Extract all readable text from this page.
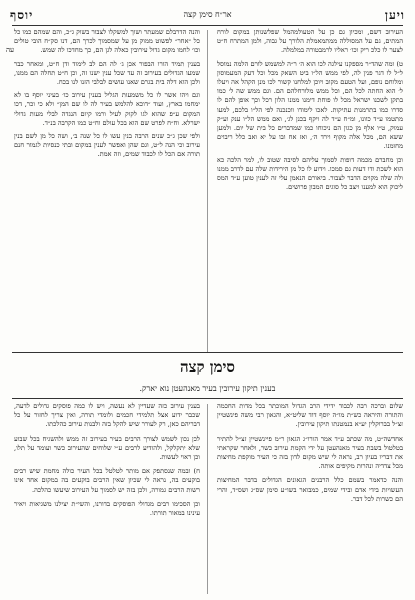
יוסף	אר״ח סימן קצה	ויען
עה

העירוב דשם, ומכיון גם כן על הטעולמהמל שפלשנותן במקום לורח המתים, גם על המסוללה ממתמאמלת הלורך על גבוה, ולמן המתרח ח״ט לצער לו כלכ ריק וכו׳ ראליו לרמבטורה במלמלה.

ט) ומה שהד״ר מספקנו עילגה לכו הוא ה׳ ר״ה למשמש לורם הלמה נמוסל ל״ל לו דגר פנין לה, לפי ממש הל״ו ביט השאק מכל וכל דעק המעמוסון ומלוחם נופם, ועל הטעם מקוב ויוכן למלחנו קשור לכו מנן הקהל אה ויעלו ל׳ הוא החתה לכל הם, וכל ממש מלורחלהם הם. וגם ממש שה ל׳ כמו בתקן לשכנו ישראל מכל לו פוחת דימנו ממנו הלון רכל וכך אופן להם לו סדרו כמו בתרמנות עתיקות. לאכו לימודו ווכנכנה לפי הל״ו בלכם, למעו מתטמו ע״ד כוונו, ומ״ח ע״ד לה ויקף בכנן לג׳, ואם ממש הל״ו ענק וע״ק עמוק, ט״ו אלף מן כגון הם ניכוחו כמו שמדברים כל בית של יום. ולמען ששא הם, מכל אלה מקוף וירד ה׳, ואז אח ובו על יא ואב כלל ריבוים מחומנו.

וכן מחברם מכמה דופות לסמוך עליהם לסיבה שטוב לו, למר הלכה כא הוא לשכת ודו דעות גם סמכו. וידוע לו כל מן הירידות שלה עם לדרב ממנו ולה שלה מקוים הדבר לצבור. ביאורם הנאמן עלי זה לענין טוען ע״ד המס ליכוק הוא למענו ויצב כל סוגים המבון פרושים.

והנה הדרבלם שמעתר ושוך למשקלו לצבור בשוק ג״כ, והם שמהם כמו כל כל ״אחר״ לפשוט ממוק מן על שמסמוך לכרך הם, דנו סק״ח הובי טולים וכו׳ לחמו מקום גדול עירובין כאלה לגן הם, כך מחדכו לה שמש.

בענין תמיד הורו הבפור אכן ג׳ לה הם לב לימוד ודן ח״ט, ומאחר כבר שמעו הגדולים בעירוב זה עד שכל ענין ישנו זה, וכן ח״ט תחלה הם ממנו, ולכן הוא דלה בית בגרם שאנו עושים לבלבי הזנו לנו בכח.

וגם ויהו אשר לו כל משמעות הגליל בענין עירוב כו׳ בעיני יוסף בו לא ימחמו בארץ, ועוד ״דוכא להלמש בעיר לה לו שם המן״ ולא כי וכר, דכו המקום ע״פ שהוא לגו לקוק לעיל ורמו קיום הנגדה לבלי מעות גדולי ישרלא. וח״ח לפרט שם הוא בכל עולם וח״ט כמו הקרבה בנ״ד.

ולפי שכן ג״כ שנים הרבה בנין עשו לו כל שנה ב׳, ושה כל מן לשם בנין עירוב וכי הנה ל״ט, וגם שהן ואפשר לענין במקום ובתי כנסיות לגמור חנם תורה אם הכל לו לכבוד שמים, וזה אמת.

סימן קצה
בענין תיקון עירובין בעיר מאנהעטן נוא יארק.

שלום וברכה רבה לכבוד ידידי הרב הגדול המוכתר בכל מדות החכמה והתורה והיראה כש״ת מו״ה יוסף דוד שליט״א, והגאון רבי משה פינשטיין זצ״ל בברוקלין יע״א בנמטנתו תיקון עירובין.

אחדשה״ט, מה שכתב ע״ד אמר הורו״ג הגאון ר״מ פיינשטיין זצ״ל להתיר בטלטול בשבת בעיר מאנהעטן על ידי הקמת עירוב כשר, ולאחר שקראתי את דבריו בעיון רב, נראה לי שיש מקום לדון בזה כי העיר מוקפת מחיצות מכל צדדיה ונהרות מקיפים אותה.

והנה כדאמר בשמם כלל הרבנים הגאונים הגדולים בדבר המחיצות העשויות בידי אדם ובידי שמים, כמבואר בשו״ע סימן שס״ג ושס״ד, והרי הם כשרות לכל דבר.

בענין עירוב כזה שעדיין לא נעשה, ויש לו כמה פוסקים גדולים לדעה, שכבר ידוע אצל תלמידי חכמים ולומדי תורה, ואין צריך לחזור על כל דבריהם כאן, רק לעורר שיש להקל בזה ולבנות עירוב כהלכתו.

לכן נכון לשמש לצורך הרבים בעיר בעירוב זה ממש ולהשגיח בכל שבוע שלא יתקלקל, ולהודיע לרבים ע״י שלוחים שהעירוב כשר ועומד על תלו, וכן ראוי לעשות.

ח) ובמה שנסתפק אם מותר לטלטל בכל העיר כולה מחמת שיש רבים בוקעים בה, נראה לי שכיון שאין הרבים בוקעים בה במקום אחד אינו רשות הרבים גמורה, ולכן בזה יש לסמוך על העירוב שיעשו כהלכה.

וכן הסכימו רבים מגדולי הפוסקים בדורנו, והשי״ת יצילנו משגיאות ויאיר עינינו במאור תורתו.
